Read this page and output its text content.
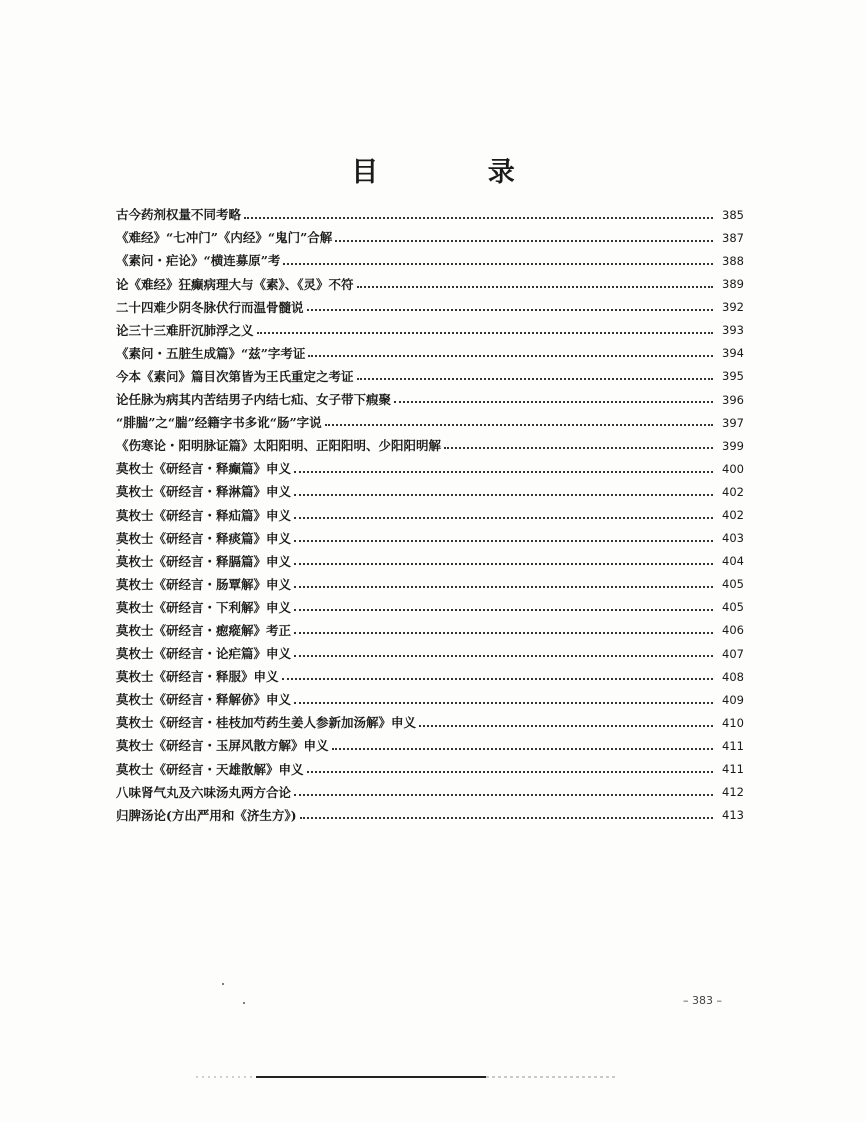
目 录
古今药剂权量不同考略	385
《难经》“七冲门”《内经》“鬼门”合解	387
《素问・疟论》“横连募原”考	388
论《难经》狂癫病理大与《素》、《灵》不符	389
二十四难少阴冬脉伏行而温骨髓说	392
论三十三难肝沉肺浮之义	393
《素问・五脏生成篇》“兹”字考证	394
今本《素问》篇目次第皆为王氏重定之考证	395
论任脉为病其内苦结男子内结七疝、女子带下瘕聚	396
“腓腨”之“腨”经籍字书多讹“肠”字说	397
《伤寒论・阳明脉证篇》太阳阳明、正阳阳明、少阳阳明解	399
莫枚士《研经言・释癫篇》申义	400
莫枚士《研经言・释淋篇》申义	402
莫枚士《研经言・释疝篇》申义	402
莫枚士《研经言・释痰篇》申义	403
莫枚士《研经言・释膈篇》申义	404
莫枚士《研经言・肠覃解》申义	405
莫枚士《研经言・下利解》申义	405
莫枚士《研经言・瘛瘲解》考正	406
莫枚士《研经言・论疟篇》申义	407
莫枚士《研经言・释服》申义	408
莫枚士《研经言・释解㑊》申义	409
莫枚士《研经言・桂枝加芍药生姜人参新加汤解》申义	410
莫枚士《研经言・玉屏风散方解》申义	411
莫枚士《研经言・天雄散解》申义	411
八味肾气丸及六味汤丸两方合论	412
归脾汤论(方出严用和《济生方》)	413
– 383 –
